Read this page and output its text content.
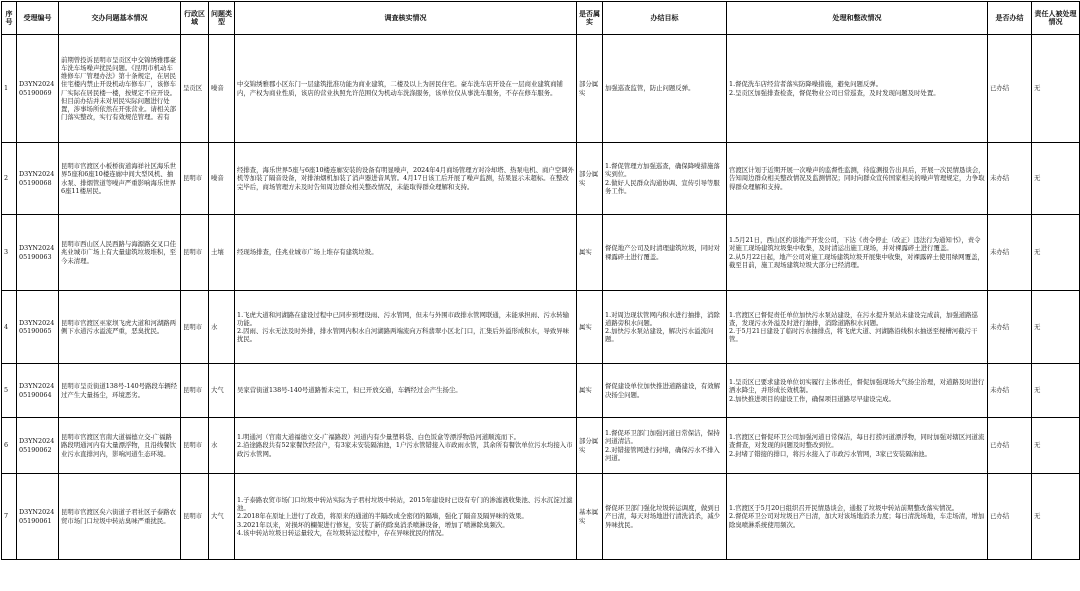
序号	受理编号	交办问题基本情况	行政区域	问题类型	调查核实情况	是否属实	办结目标	处理和整改情况	是否办结	责任人被处理情况
1	D3YN2024 05190069	前期曾投诉昆明市呈贡区中交锦绣雅郡豪车洗车场噪声扰民问题。《昆明市机动车维修车厂管理办法》第十条规定，在居民住宅楼内禁止开设机动车修车厂，该修车厂实际在居民楼一楼，按规定不应开设。但目前办结并未对居民实际问题进行处置，涉事场所依然在开张营业。请相关部门落实整改，实行有效规范管理。若有	呈贡区	噪音	中交锦绣雅郡小区东门一层建筑批准功能为商业建筑，二楼及以上为居民住宅。豪车洗车店开设在一层商业建筑商铺内，产权为商业性质，该店的营业执照允许范围仅为机动车洗涤服务，该单位仅从事洗车服务，不存在修车服务。	部分属实	加强巡查监管，防止问题反弹。	1.督促洗车店经营者落实防降噪措施，避免问题反弹。
2.呈贡区加强排查检查，督促物业公司日常巡查，及时发现问题及时处置。	已办结	无
2	D3YN2024 05190068	昆明市官渡区小板桥街道海祥社区海乐世界5座和6座10楼连廊中间大型风机、抽水泵、排烟管道等噪声严重影响海乐世界6座11楼居民。	昆明市	噪音	经排查，海乐世界5座与6座10楼连廊安装的设备有明显噪声，2024年4月商场管理方对冷却塔、热泵电机、商户空调外机等加装了隔音设备，对排油烟机加装了消声器进音风管。4月17日该工后开展了噪声监测，结果显示未超标。在整改完毕后，商场管理方未及时告知周边群众相关整改情况，未能取得群众理解和支持。	部分属实	1.督促管理方加强巡查，确保降噪措施落实到位。
2.做好人民群众沟通协调、宣传引导等服务工作。	官渡区计划于近期开展一次噪声的监督性监测，待监测报告出具后，开展一次民情恳谈会，告知周边群众相关整改情况及监测情况；同时向群众宣传国家相关的噪声管理规定，力争取得群众理解和支持。	未办结	无
3	D3YN2024 05190063	昆明市西山区人民西路与海源路交叉口佳兆业城市广场上有大量建筑垃圾堆积，至今未清理。	昆明市	土壤	经现场排查，佳兆业城市广场上堆存有建筑垃圾。	属实	督促地产公司及时清理建筑垃圾，同时对裸露碎土进行覆盖。	1.5月21日，西山区约谈地产开发公司，下达《责令停止（改正）违法行为通知书》，责令对施工现场建筑垃圾集中收集，及时清运出施工现场，并对裸露碎土进行覆盖。
2.从5月22日起，地产公司对施工现场建筑垃圾开展集中收集，对裸露碎土使用绿网覆盖，截至目前，施工现场建筑垃圾大部分已经清理。	未办结	无
4	D3YN2024 05190065	昆明市官渡区巫家坝飞虎大道和河湖路两侧下水道污水溢流严重，恶臭扰民。	昆明市	水	1.飞虎大道和河湖路在建设过程中已同步预埋设雨、污水管网，但未与外围市政排水管网联通，未能承担雨、污水转输功能。
2.因雨、污水无法及时外排，排水管网内积水自河湖路两端流向万科翡翠小区北门口，汇集后外溢形成积水，导致异味扰民。	属实	1.对周边现状管网内积水进行抽排，消除道路旁积水问题。
2.加快污水泵站建设，解决污水溢流问题。	1.官渡区已督促责任单位加快污水泵站建设，在污水提升泵站未建设完成前，加强道路巡查，发现污水外溢及时进行抽排，消除道路积水问题。
2.于5月21日建设了临时污水抽排点，将飞虎大道、河湖路沿线积水抽送至枧槽河截污干管。	未办结	无
5	D3YN2024 05190064	昆明市呈贡街道138号-140号路段车辆经过产生大量扬尘，环境恶劣。	昆明市	大气	吴家营街道138号-140号道路暂未完工，但已开放交通，车辆经过会产生扬尘。	属实	督促建设单位加快推进道路建设，有效解决扬尘问题。	1.呈贡区已要求建设单位切实履行主体责任，督促加强现场大气扬尘治理，对道路及时进行洒水降尘，并形成长效机制。
2.加快推进项目的建设工作，确保项目道路尽早建设完成。	未办结	无
6	D3YN2024 05190062	昆明市官渡区官南大道福德立交-广福路路段明通河内有大量漂浮物，且沿线餐饮业污水直排河内，影响河道生态环境。	昆明市	水	1.明通河（官南大道福德立交-广福路段）河道内有少量塑料袋、白色饭盒等漂浮物沿河道顺流而下。
2.沿途路段共有52家餐饮经营户，有3家未安装隔油池，1户污水管错接入市政雨水管，其余所有餐饮单位污水均接入市政污水管网。	部分属实	1.督促环卫部门加强河道日常保洁，保持河道清洁。
2.对错接管网进行封堵，确保污水不排入河道。	1.官渡区已督促环卫公司加强河道日常保洁，每日打捞河道漂浮物，同时加强对辖区河道流查督查，对发现的问题及时整改到位。
2.封堵了错接的排口，将污水接入了市政污水管网，3家已安装隔油池。	已办结	无
7	D3YN2024 05190061	昆明市官渡区矣六街道子君社区子泰路农贸市场门口垃圾中转站臭味严重扰民。	昆明市	大气	1.子泰路农贸市场门口垃圾中转站实际为子君村垃圾中转站，2015年建设时已设有专门的渗滤液收集池、污水沉淀过滤池。
2.2018年在原址上进行了改造，将原来的通道的半隔改成全密闭的隔墙，强化了隔音及隔异味的效果。
3.2021年以来，对损坏的欄架进行修复，安装了新的除臭消杀喷淋设备，增加了喷淋除臭频次。
4.该中转站垃圾日转运量较大，在垃圾转运过程中，存在异味扰民的情况。	基本属实	督促环卫部门强化垃圾转运调度，做到日产日清，每天对场地进行清洗消杀，减少异味扰民。	1.官渡区于5月20日组织召开民情恳谈会，通报了垃圾中转站前期整改落实情况。
2.督促环卫公司对垃圾日产日清，加大对该场地消杀力度；每日清洗场地，车走场清，增加除臭喷淋系统使用频次。	已办结	无
